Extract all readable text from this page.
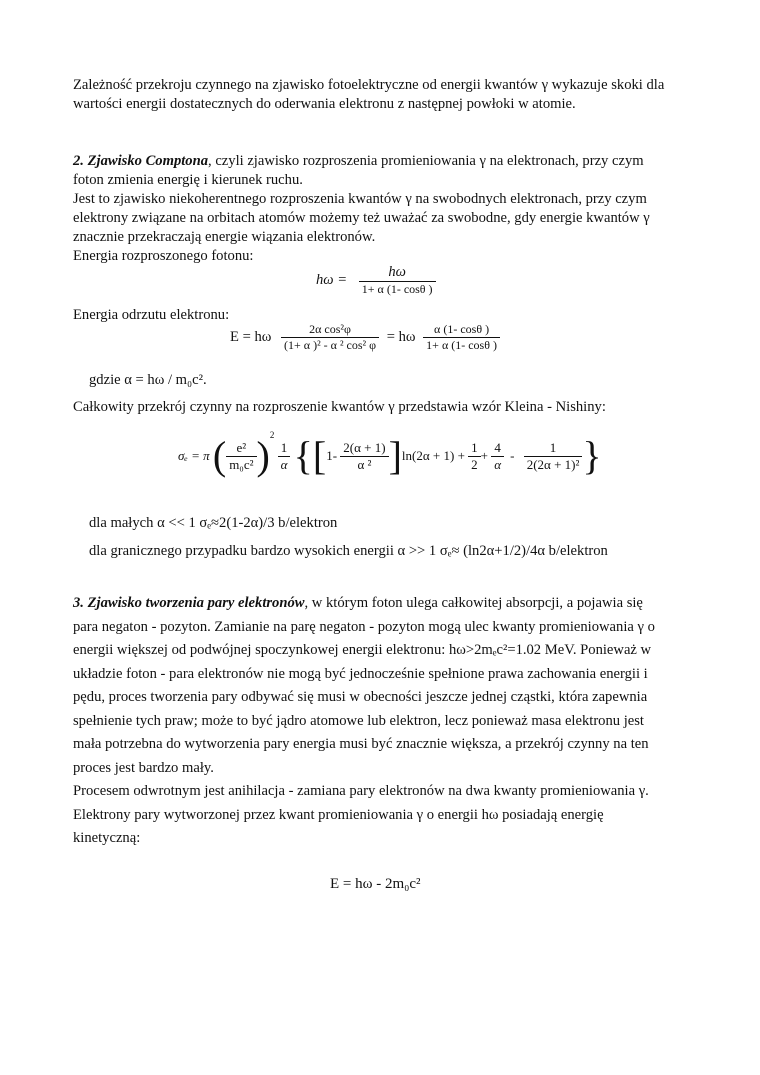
Zależność przekroju czynnego na zjawisko fotoelektryczne od energii kwantów γ wykazuje skoki dla
wartości energii dostatecznych do oderwania elektronu z następnej powłoki w atomie.
2. Zjawisko Comptona, czyli zjawisko rozproszenia promieniowania γ na elektronach, przy czym
foton zmienia energię i kierunek ruchu.
Jest to zjawisko niekoherentnego rozproszenia kwantów γ na swobodnych elektronach, przy czym
elektrony związane na orbitach atomów możemy też uważać za swobodne, gdy energie kwantów γ
znacznie przekraczają energie wiązania elektronów.
Energia rozproszonego fotonu:
$h\omega = \frac{h\omega}{1+ \alpha (1- \cos\theta )}$
Energia odrzutu elektronu:
E = hω $\frac{\text{2α cos²φ}}{\text{(1+ α )² - α ² cos² φ}} = h\omega \frac{\alpha (1- \cos\theta )}{1+ \alpha (1- \cos\theta )}$
gdzie α = hω / m₀c².
Całkowity przekrój czynny na rozproszenie kwantów γ przedstawia wzór Kleina - Nishiny:
σₑ = π ( $\frac{\text{e²}}{\text{m₀c²}} )^2$
$\frac{1}{\alpha} \{[1- \frac{2(\alpha + 1)}{\text{α ²}} ]\ln(2\alpha + 1) + \frac{1}{2} + \frac{4}{\alpha} - \frac{1}{\text{2(2α + 1)²}}$ }
dla małych α << 1 σₑ≈2(1-2α)/3 b/elektron
dla granicznego przypadku bardzo wysokich energii α >> 1 σₑ≈ (ln2α+1/2)/4α b/elektron
3. Zjawisko tworzenia pary elektronów, w którym foton ulega całkowitej absorpcji, a pojawia się
para negaton - pozyton. Zamianie na parę negaton - pozyton mogą ulec kwanty promieniowania γ o
energii większej od podwójnej spoczynkowej energii elektronu: hω>2mₑc²=1.02 MeV. Ponieważ w
układzie foton - para elektronów nie mogą być jednocześnie spełnione prawa zachowania energii i
pędu, proces tworzenia pary odbywać się musi w obecności jeszcze jednej cząstki, która zapewnia
spełnienie tych praw; może to być jądro atomowe lub elektron, lecz ponieważ masa elektronu jest
mała potrzebna do wytworzenia pary energia musi być znacznie większa, a przekrój czynny na ten
proces jest bardzo mały.
Procesem odwrotnym jest anihilacja - zamiana pary elektronów na dwa kwanty promieniowania γ.
Elektrony pary wytworzonej przez kwant promieniowania γ o energii hω posiadają energię
kinetyczną:
E = hω - 2m₀c²
